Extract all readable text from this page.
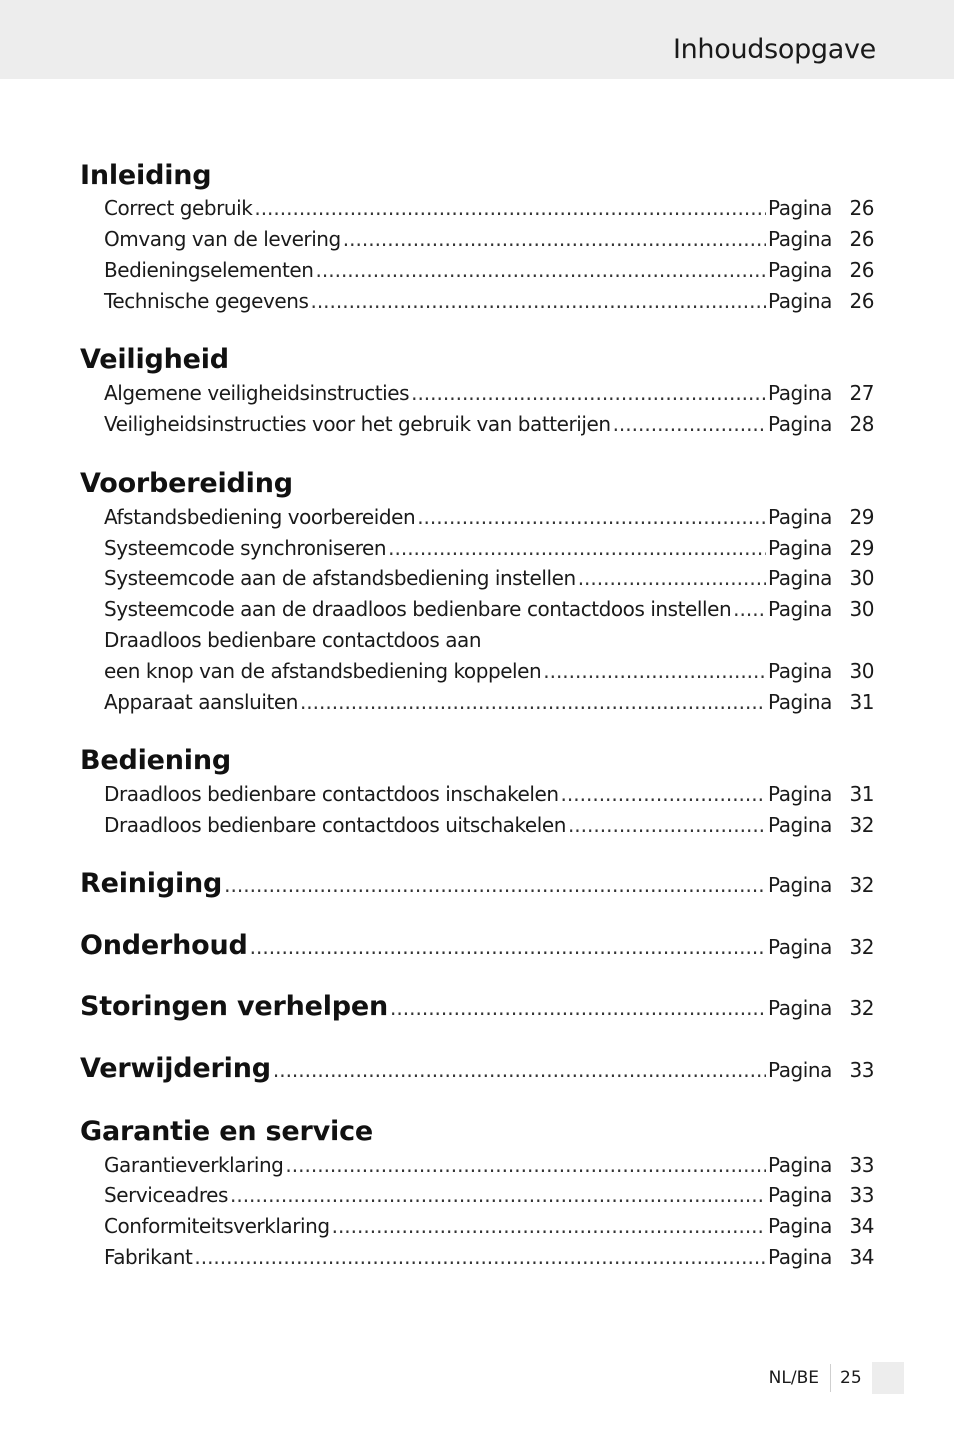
Inhoudsopgave
Inleiding
Correct gebruik .....	Pagina 26
Omvang van de levering .....	Pagina 26
Bedieningselementen .....	Pagina 26
Technische gegevens .....	Pagina 26
Veiligheid
Algemene veiligheidsinstructies .....	Pagina 27
Veiligheidsinstructies voor het gebruik van batterijen .....	Pagina 28
Voorbereiding
Afstandsbediening voorbereiden .....	Pagina 29
Systeemcode synchroniseren .....	Pagina 29
Systeemcode aan de afstandsbediening instellen .....	Pagina 30
Systeemcode aan de draadloos bedienbare contactdoos instellen ..... Pagina 30
Draadloos bedienbare contactdoos aan
een knop van de afstandsbediening koppelen .....	Pagina 30
Apparaat aansluiten .....	Pagina 31
Bediening
Draadloos bedienbare contactdoos inschakelen .....	Pagina 31
Draadloos bedienbare contactdoos uitschakelen .....	Pagina 32
Reiniging .....	Pagina 32
Onderhoud .....	Pagina 32
Storingen verhelpen .....	Pagina 32
Verwijdering .....	Pagina 33
Garantie en service
Garantieverklaring .....	Pagina 33
Serviceadres .....	Pagina 33
Conformiteitsverklaring .....	Pagina 34
Fabrikant .....	Pagina 34
NL/BE 25
